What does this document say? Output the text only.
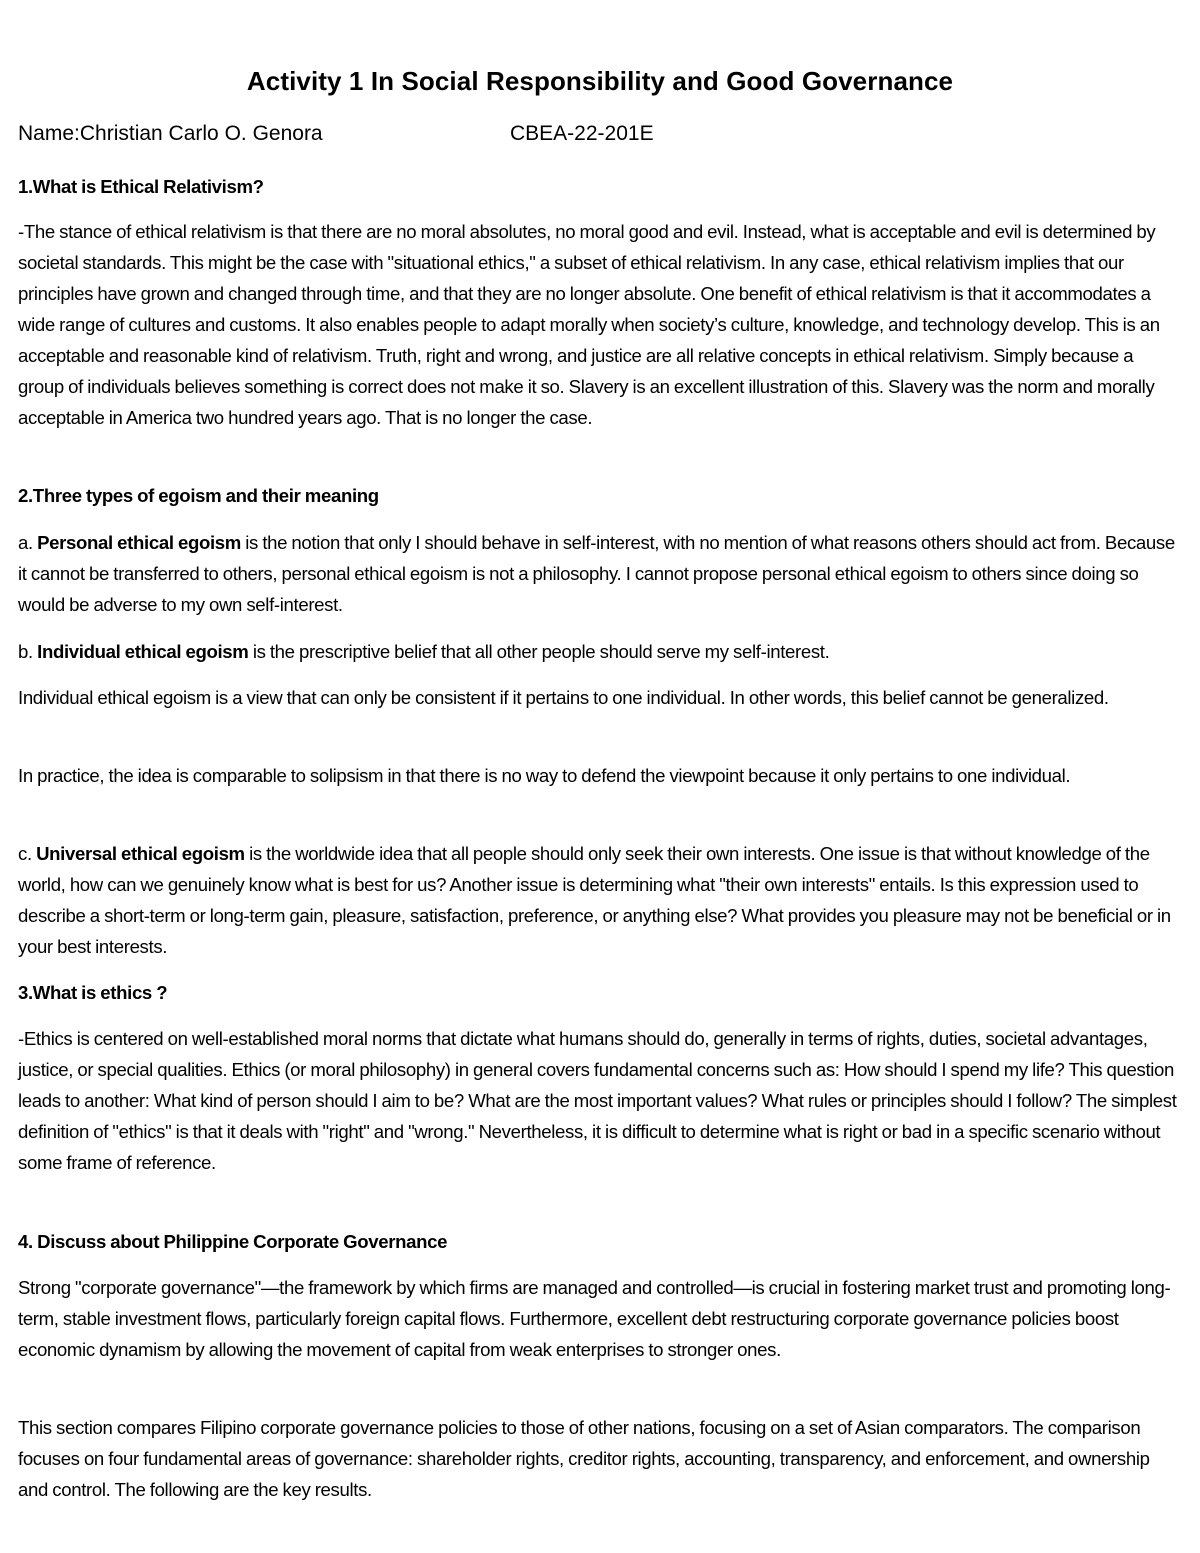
Activity 1 In Social Responsibility and Good Governance
Name:Christian Carlo O. Genora	CBEA-22-201E

1.What is Ethical Relativism?

-The stance of ethical relativism is that there are no moral absolutes, no moral good and evil. Instead, what is acceptable and evil is determined by societal standards. This might be the case with "situational ethics," a subset of ethical relativism. In any case, ethical relativism implies that our principles have grown and changed through time, and that they are no longer absolute. One benefit of ethical relativism is that it accommodates a wide range of cultures and customs. It also enables people to adapt morally when society’s culture, knowledge, and technology develop. This is an acceptable and reasonable kind of relativism. Truth, right and wrong, and justice are all relative concepts in ethical relativism. Simply because a group of individuals believes something is correct does not make it so. Slavery is an excellent illustration of this. Slavery was the norm and morally acceptable in America two hundred years ago. That is no longer the case.

2.Three types of egoism and their meaning

a. Personal ethical egoism is the notion that only I should behave in self-interest, with no mention of what reasons others should act from. Because it cannot be transferred to others, personal ethical egoism is not a philosophy. I cannot propose personal ethical egoism to others since doing so would be adverse to my own self-interest.

b. Individual ethical egoism is the prescriptive belief that all other people should serve my self-interest.

Individual ethical egoism is a view that can only be consistent if it pertains to one individual. In other words, this belief cannot be generalized.

In practice, the idea is comparable to solipsism in that there is no way to defend the viewpoint because it only pertains to one individual.

c. Universal ethical egoism is the worldwide idea that all people should only seek their own interests. One issue is that without knowledge of the world, how can we genuinely know what is best for us? Another issue is determining what "their own interests" entails. Is this expression used to describe a short-term or long-term gain, pleasure, satisfaction, preference, or anything else? What provides you pleasure may not be beneficial or in your best interests.

3.What is ethics ?

-Ethics is centered on well-established moral norms that dictate what humans should do, generally in terms of rights, duties, societal advantages, justice, or special qualities. Ethics (or moral philosophy) in general covers fundamental concerns such as: How should I spend my life? This question leads to another: What kind of person should I aim to be? What are the most important values? What rules or principles should I follow? The simplest definition of "ethics" is that it deals with "right" and "wrong." Nevertheless, it is difficult to determine what is right or bad in a specific scenario without some frame of reference.

4. Discuss about Philippine Corporate Governance

Strong "corporate governance"—the framework by which firms are managed and controlled—is crucial in fostering market trust and promoting long-term, stable investment flows, particularly foreign capital flows. Furthermore, excellent debt restructuring corporate governance policies boost economic dynamism by allowing the movement of capital from weak enterprises to stronger ones.

This section compares Filipino corporate governance policies to those of other nations, focusing on a set of Asian comparators. The comparison focuses on four fundamental areas of governance: shareholder rights, creditor rights, accounting, transparency, and enforcement, and ownership and control. The following are the key results.
